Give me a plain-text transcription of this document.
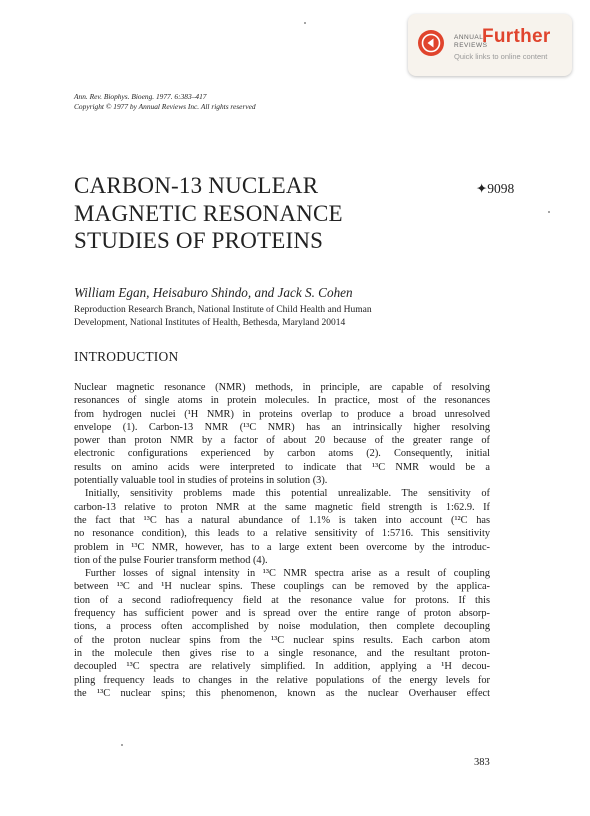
ANNUAL
REVIEWS
Further
Quick links to online content
Ann. Rev. Biophys. Bioeng. 1977. 6:383–417
Copyright © 1977 by Annual Reviews Inc. All rights reserved
CARBON-13 NUCLEAR
MAGNETIC RESONANCE
STUDIES OF PROTEINS
✦9098
William Egan, Heisaburo Shindo, and Jack S. Cohen
Reproduction Research Branch, National Institute of Child Health and Human
Development, National Institutes of Health, Bethesda, Maryland 20014
INTRODUCTION
Nuclear magnetic resonance (NMR) methods, in principle, are capable of resolving
resonances of single atoms in protein molecules. In practice, most of the resonances
from hydrogen nuclei (¹H NMR) in proteins overlap to produce a broad unresolved
envelope (1). Carbon-13 NMR (¹³C NMR) has an intrinsically higher resolving
power than proton NMR by a factor of about 20 because of the greater range of
electronic configurations experienced by carbon atoms (2). Consequently, initial
results on amino acids were interpreted to indicate that ¹³C NMR would be a
potentially valuable tool in studies of proteins in solution (3).
Initially, sensitivity problems made this potential unrealizable. The sensitivity of
carbon-13 relative to proton NMR at the same magnetic field strength is 1:62.9. If
the fact that ¹³C has a natural abundance of 1.1% is taken into account (¹²C has
no resonance condition), this leads to a relative sensitivity of 1:5716. This sensitivity
problem in ¹³C NMR, however, has to a large extent been overcome by the introduc-
tion of the pulse Fourier transform method (4).
Further losses of signal intensity in ¹³C NMR spectra arise as a result of coupling
between ¹³C and ¹H nuclear spins. These couplings can be removed by the applica-
tion of a second radiofrequency field at the resonance value for protons. If this
frequency has sufficient power and is spread over the entire range of proton absorp-
tions, a process often accomplished by noise modulation, then complete decoupling
of the proton nuclear spins from the ¹³C nuclear spins results. Each carbon atom
in the molecule then gives rise to a single resonance, and the resultant proton-
decoupled ¹³C spectra are relatively simplified. In addition, applying a ¹H decou-
pling frequency leads to changes in the relative populations of the energy levels for
the ¹³C nuclear spins; this phenomenon, known as the nuclear Overhauser effect
383
